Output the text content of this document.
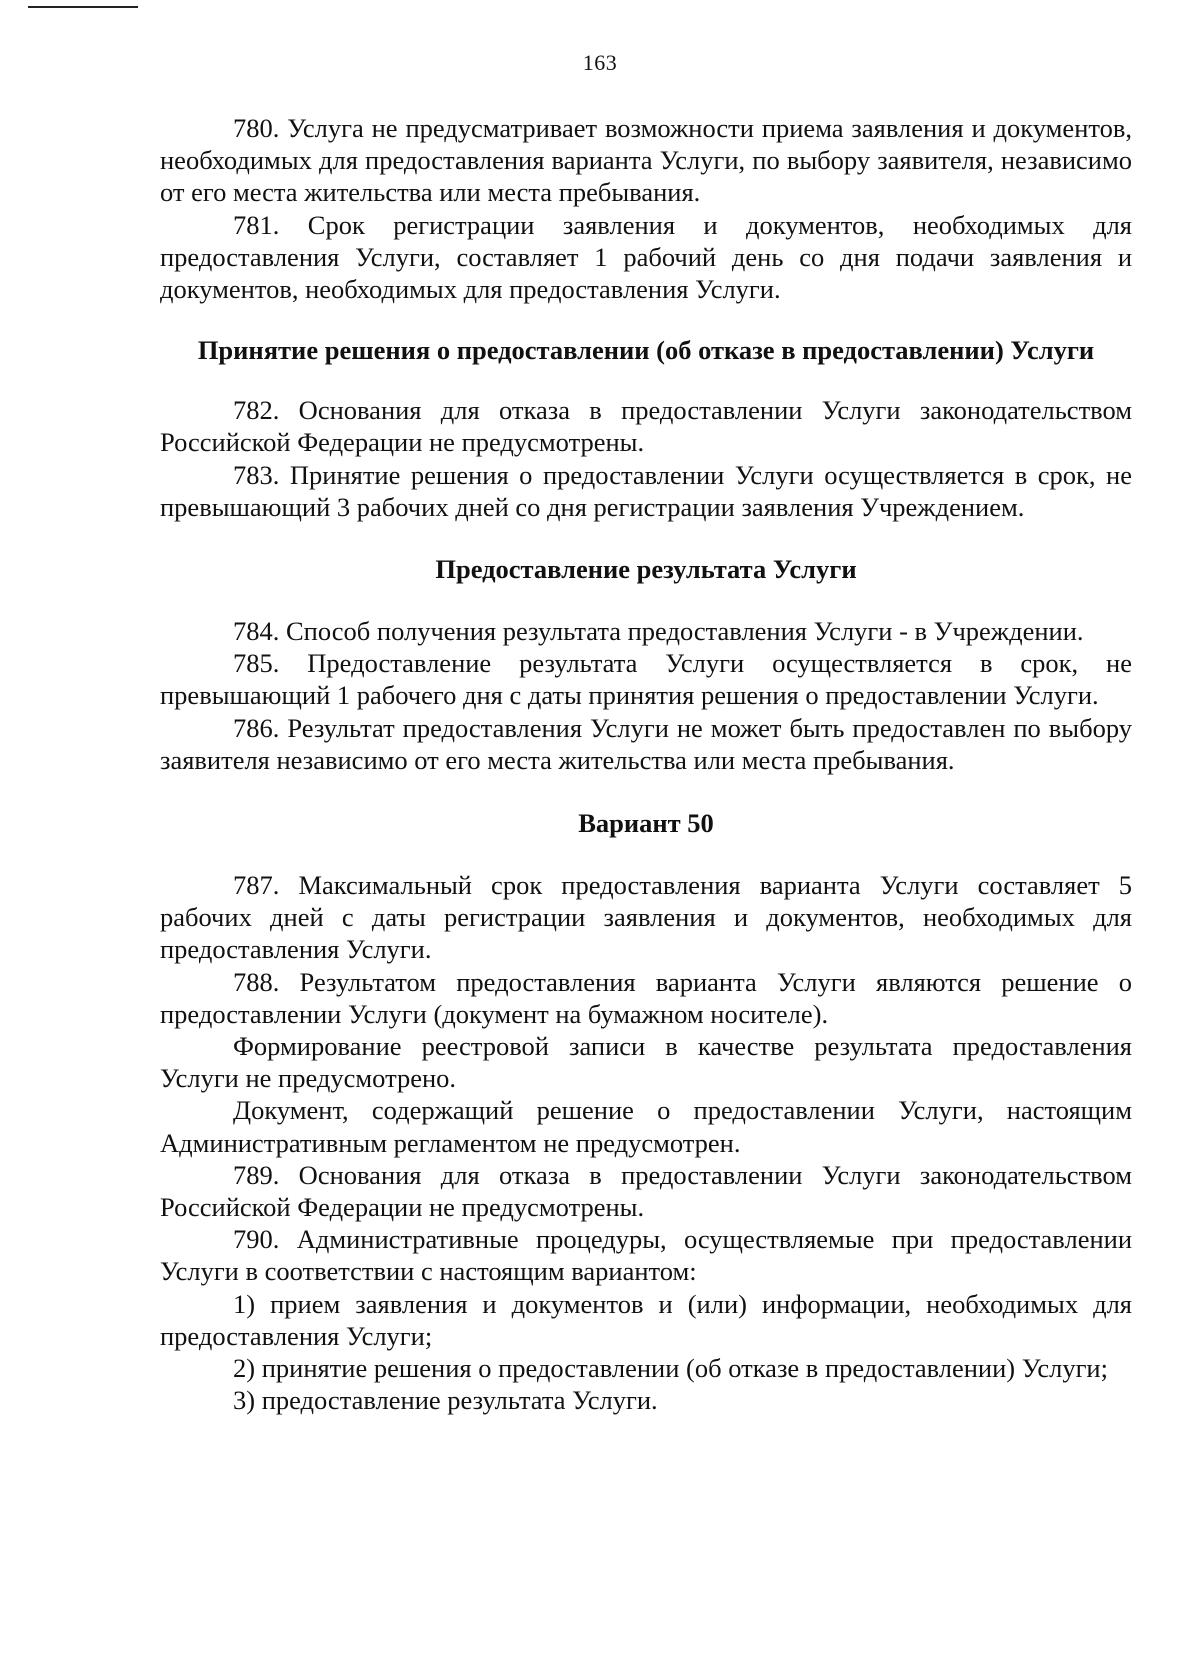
163

780. Услуга не предусматривает возможности приема заявления и документов, необходимых для предоставления варианта Услуги, по выбору заявителя, независимо от его места жительства или места пребывания.

781. Срок регистрации заявления и документов, необходимых для предоставления Услуги, составляет 1 рабочий день со дня подачи заявления и документов, необходимых для предоставления Услуги.

Принятие решения о предоставлении (об отказе в предоставлении) Услуги

782. Основания для отказа в предоставлении Услуги законодательством Российской Федерации не предусмотрены.

783. Принятие решения о предоставлении Услуги осуществляется в срок, не превышающий 3 рабочих дней со дня регистрации заявления Учреждением.

Предоставление результата Услуги

784. Способ получения результата предоставления Услуги - в Учреждении.

785. Предоставление результата Услуги осуществляется в срок, не превышающий 1 рабочего дня с даты принятия решения о предоставлении Услуги.

786. Результат предоставления Услуги не может быть предоставлен по выбору заявителя независимо от его места жительства или места пребывания.

Вариант 50

787. Максимальный срок предоставления варианта Услуги составляет 5 рабочих дней с даты регистрации заявления и документов, необходимых для предоставления Услуги.

788. Результатом предоставления варианта Услуги являются решение о предоставлении Услуги (документ на бумажном носителе).

Формирование реестровой записи в качестве результата предоставления Услуги не предусмотрено.

Документ, содержащий решение о предоставлении Услуги, настоящим Административным регламентом не предусмотрен.

789. Основания для отказа в предоставлении Услуги законодательством Российской Федерации не предусмотрены.

790. Административные процедуры, осуществляемые при предоставлении Услуги в соответствии с настоящим вариантом:

1) прием заявления и документов и (или) информации, необходимых для предоставления Услуги;

2) принятие решения о предоставлении (об отказе в предоставлении) Услуги;

3) предоставление результата Услуги.
